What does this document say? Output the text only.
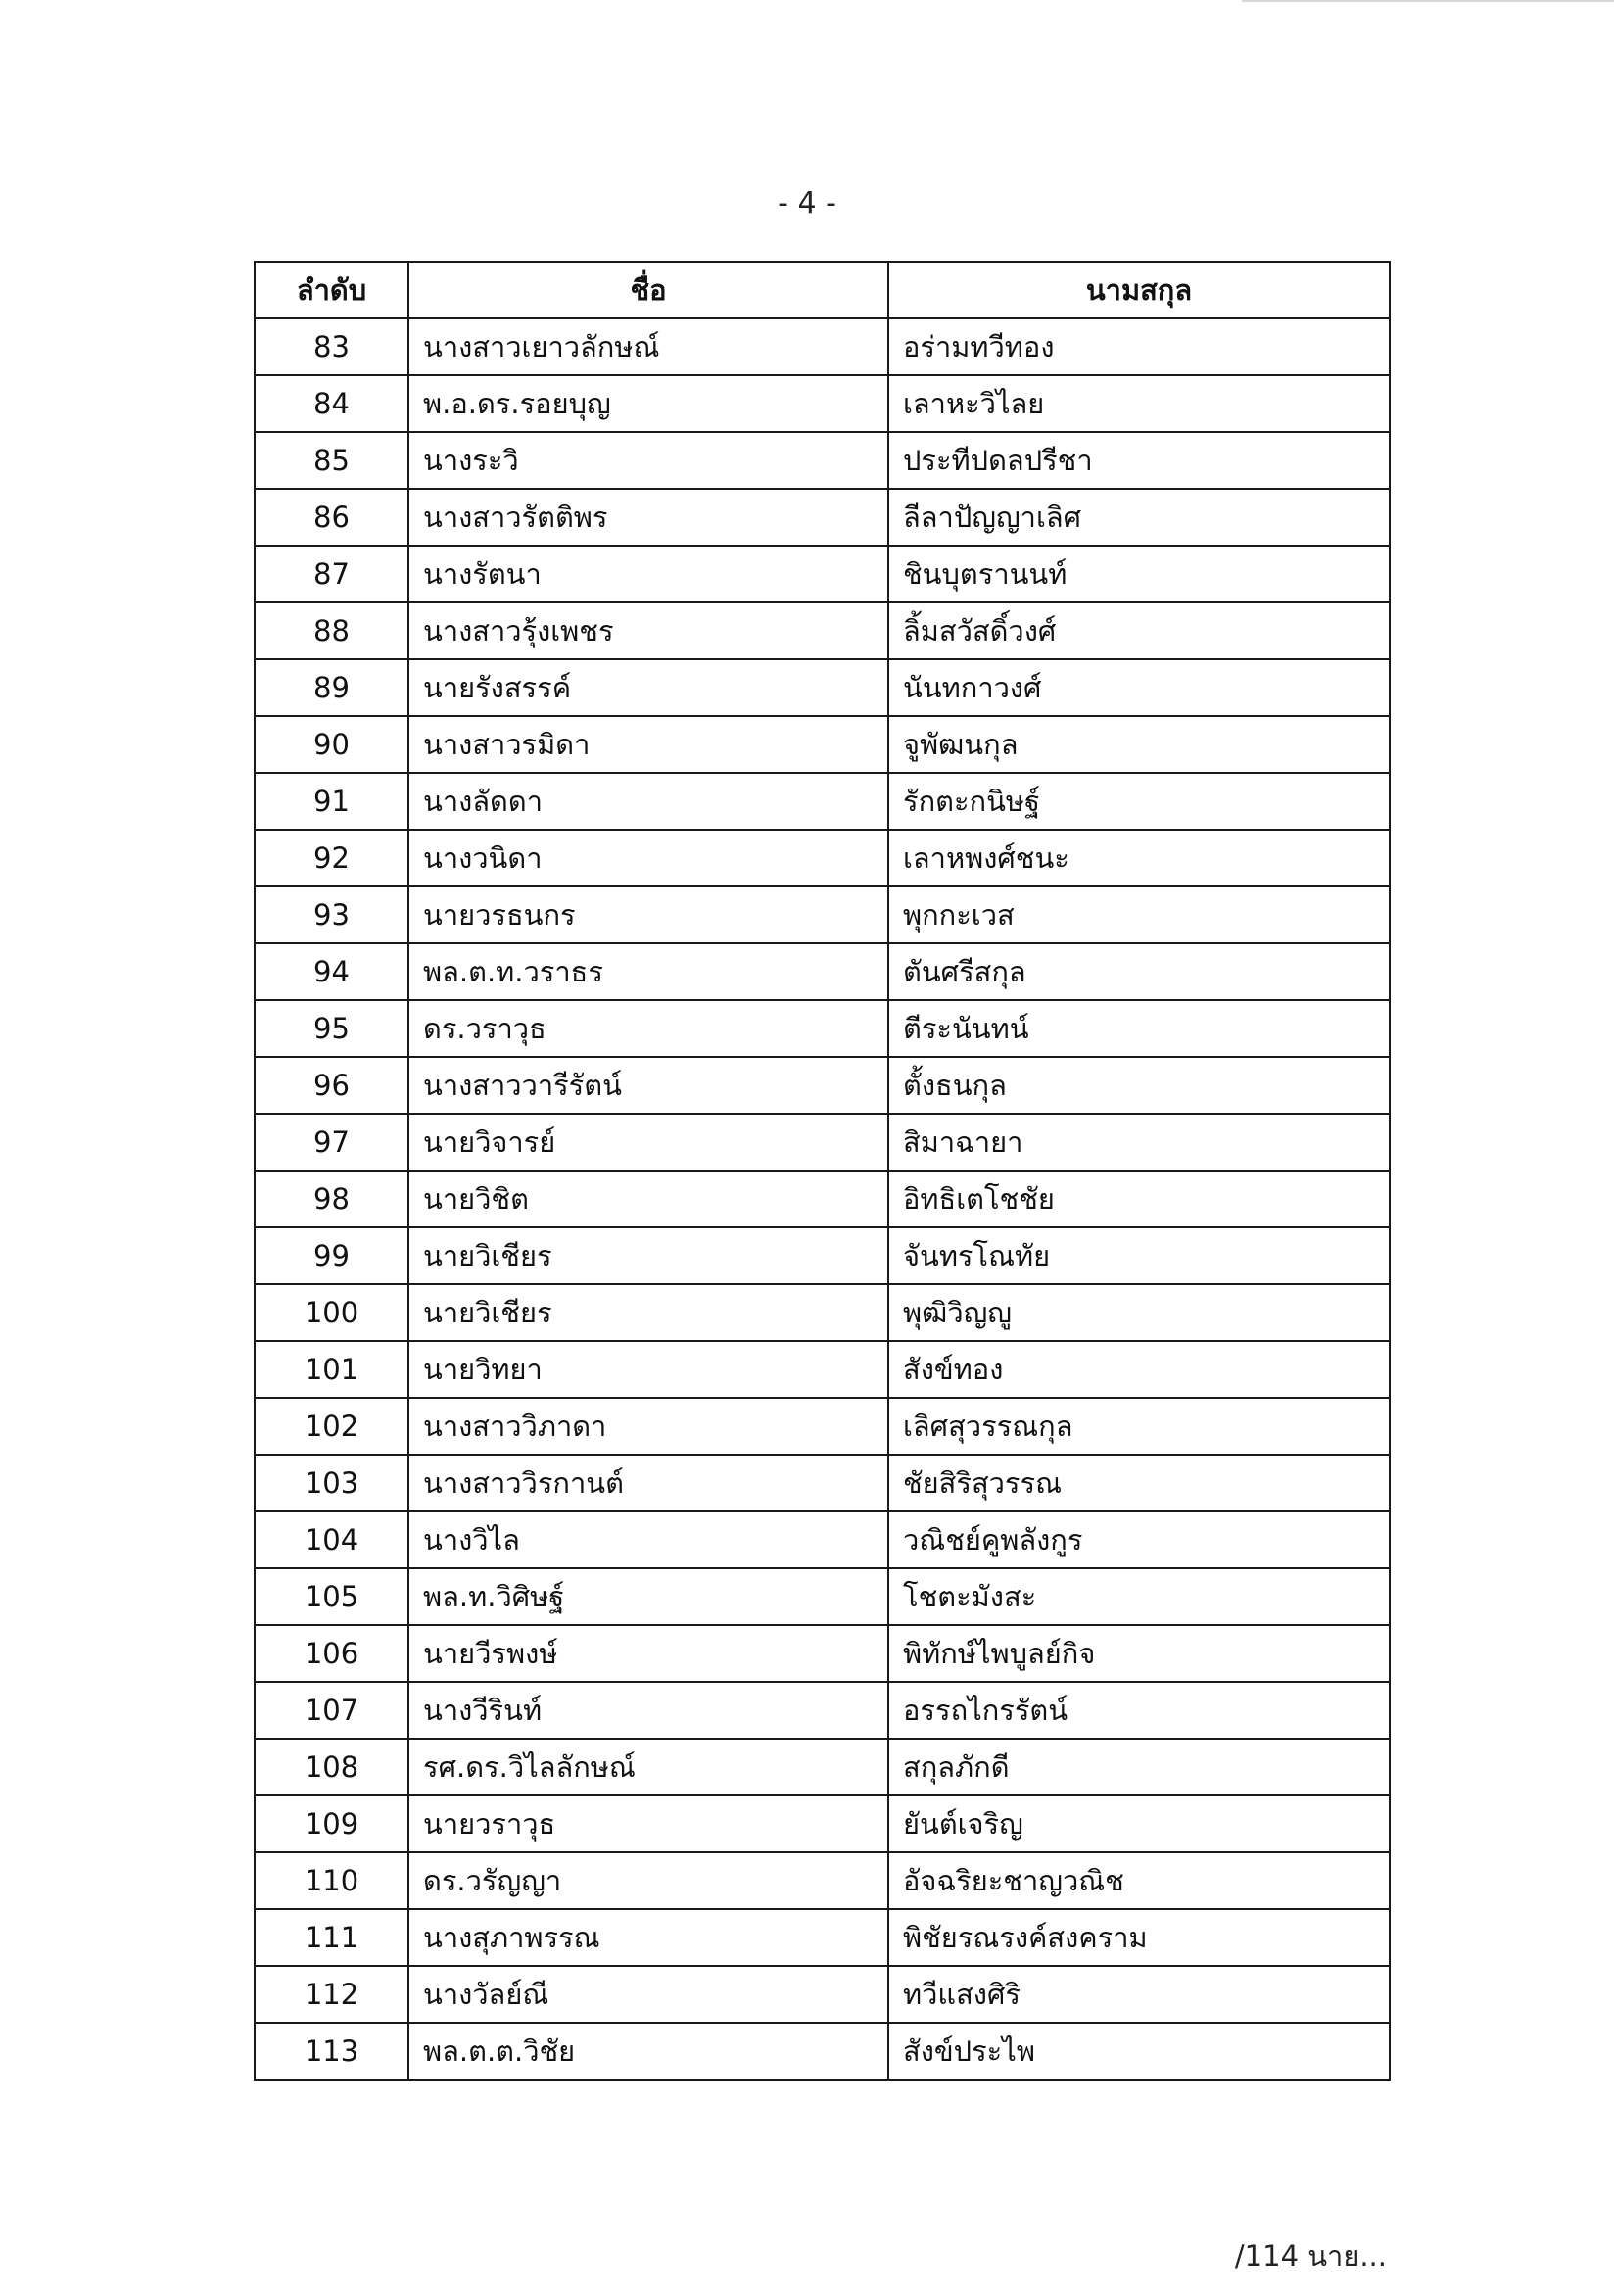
- 4 -
ลำดับ	ชื่อ	นามสกุล
83	นางสาวเยาวลักษณ์	อร่ามทวีทอง
84	พ.อ.ดร.รอยบุญ	เลาหะวิไลย
85	นางระวิ	ประทีปดลปรีชา
86	นางสาวรัตติพร	ลีลาปัญญาเลิศ
87	นางรัตนา	ชินบุตรานนท์
88	นางสาวรุ้งเพชร	ลิ้มสวัสดิ์วงศ์
89	นายรังสรรค์	นันทกาวงศ์
90	นางสาวรมิดา	จูพัฒนกุล
91	นางลัดดา	รักตะกนิษฐ์
92	นางวนิดา	เลาหพงศ์ชนะ
93	นายวรธนกร	พุกกะเวส
94	พล.ต.ท.วราธร	ตันศรีสกุล
95	ดร.วราวุธ	ตีระนันทน์
96	นางสาววารีรัตน์	ตั้งธนกุล
97	นายวิจารย์	สิมาฉายา
98	นายวิชิต	อิทธิเตโชชัย
99	นายวิเชียร	จันทรโณทัย
100	นายวิเชียร	พุฒิวิญญู
101	นายวิทยา	สังข์ทอง
102	นางสาววิภาดา	เลิศสุวรรณกุล
103	นางสาววิรกานต์	ชัยสิริสุวรรณ
104	นางวิไล	วณิชย์คูพลังกูร
105	พล.ท.วิศิษฐ์	โชตะมังสะ
106	นายวีรพงษ์	พิทักษ์ไพบูลย์กิจ
107	นางวีรินท์	อรรถไกรรัตน์
108	รศ.ดร.วิไลลักษณ์	สกุลภักดี
109	นายวราวุธ	ยันต์เจริญ
110	ดร.วรัญญา	อัจฉริยะชาญวณิช
111	นางสุภาพรรณ	พิชัยรณรงค์สงคราม
112	นางวัลย์ณี	ทวีแสงศิริ
113	พล.ต.ต.วิชัย	สังข์ประไพ
/114 นาย...
